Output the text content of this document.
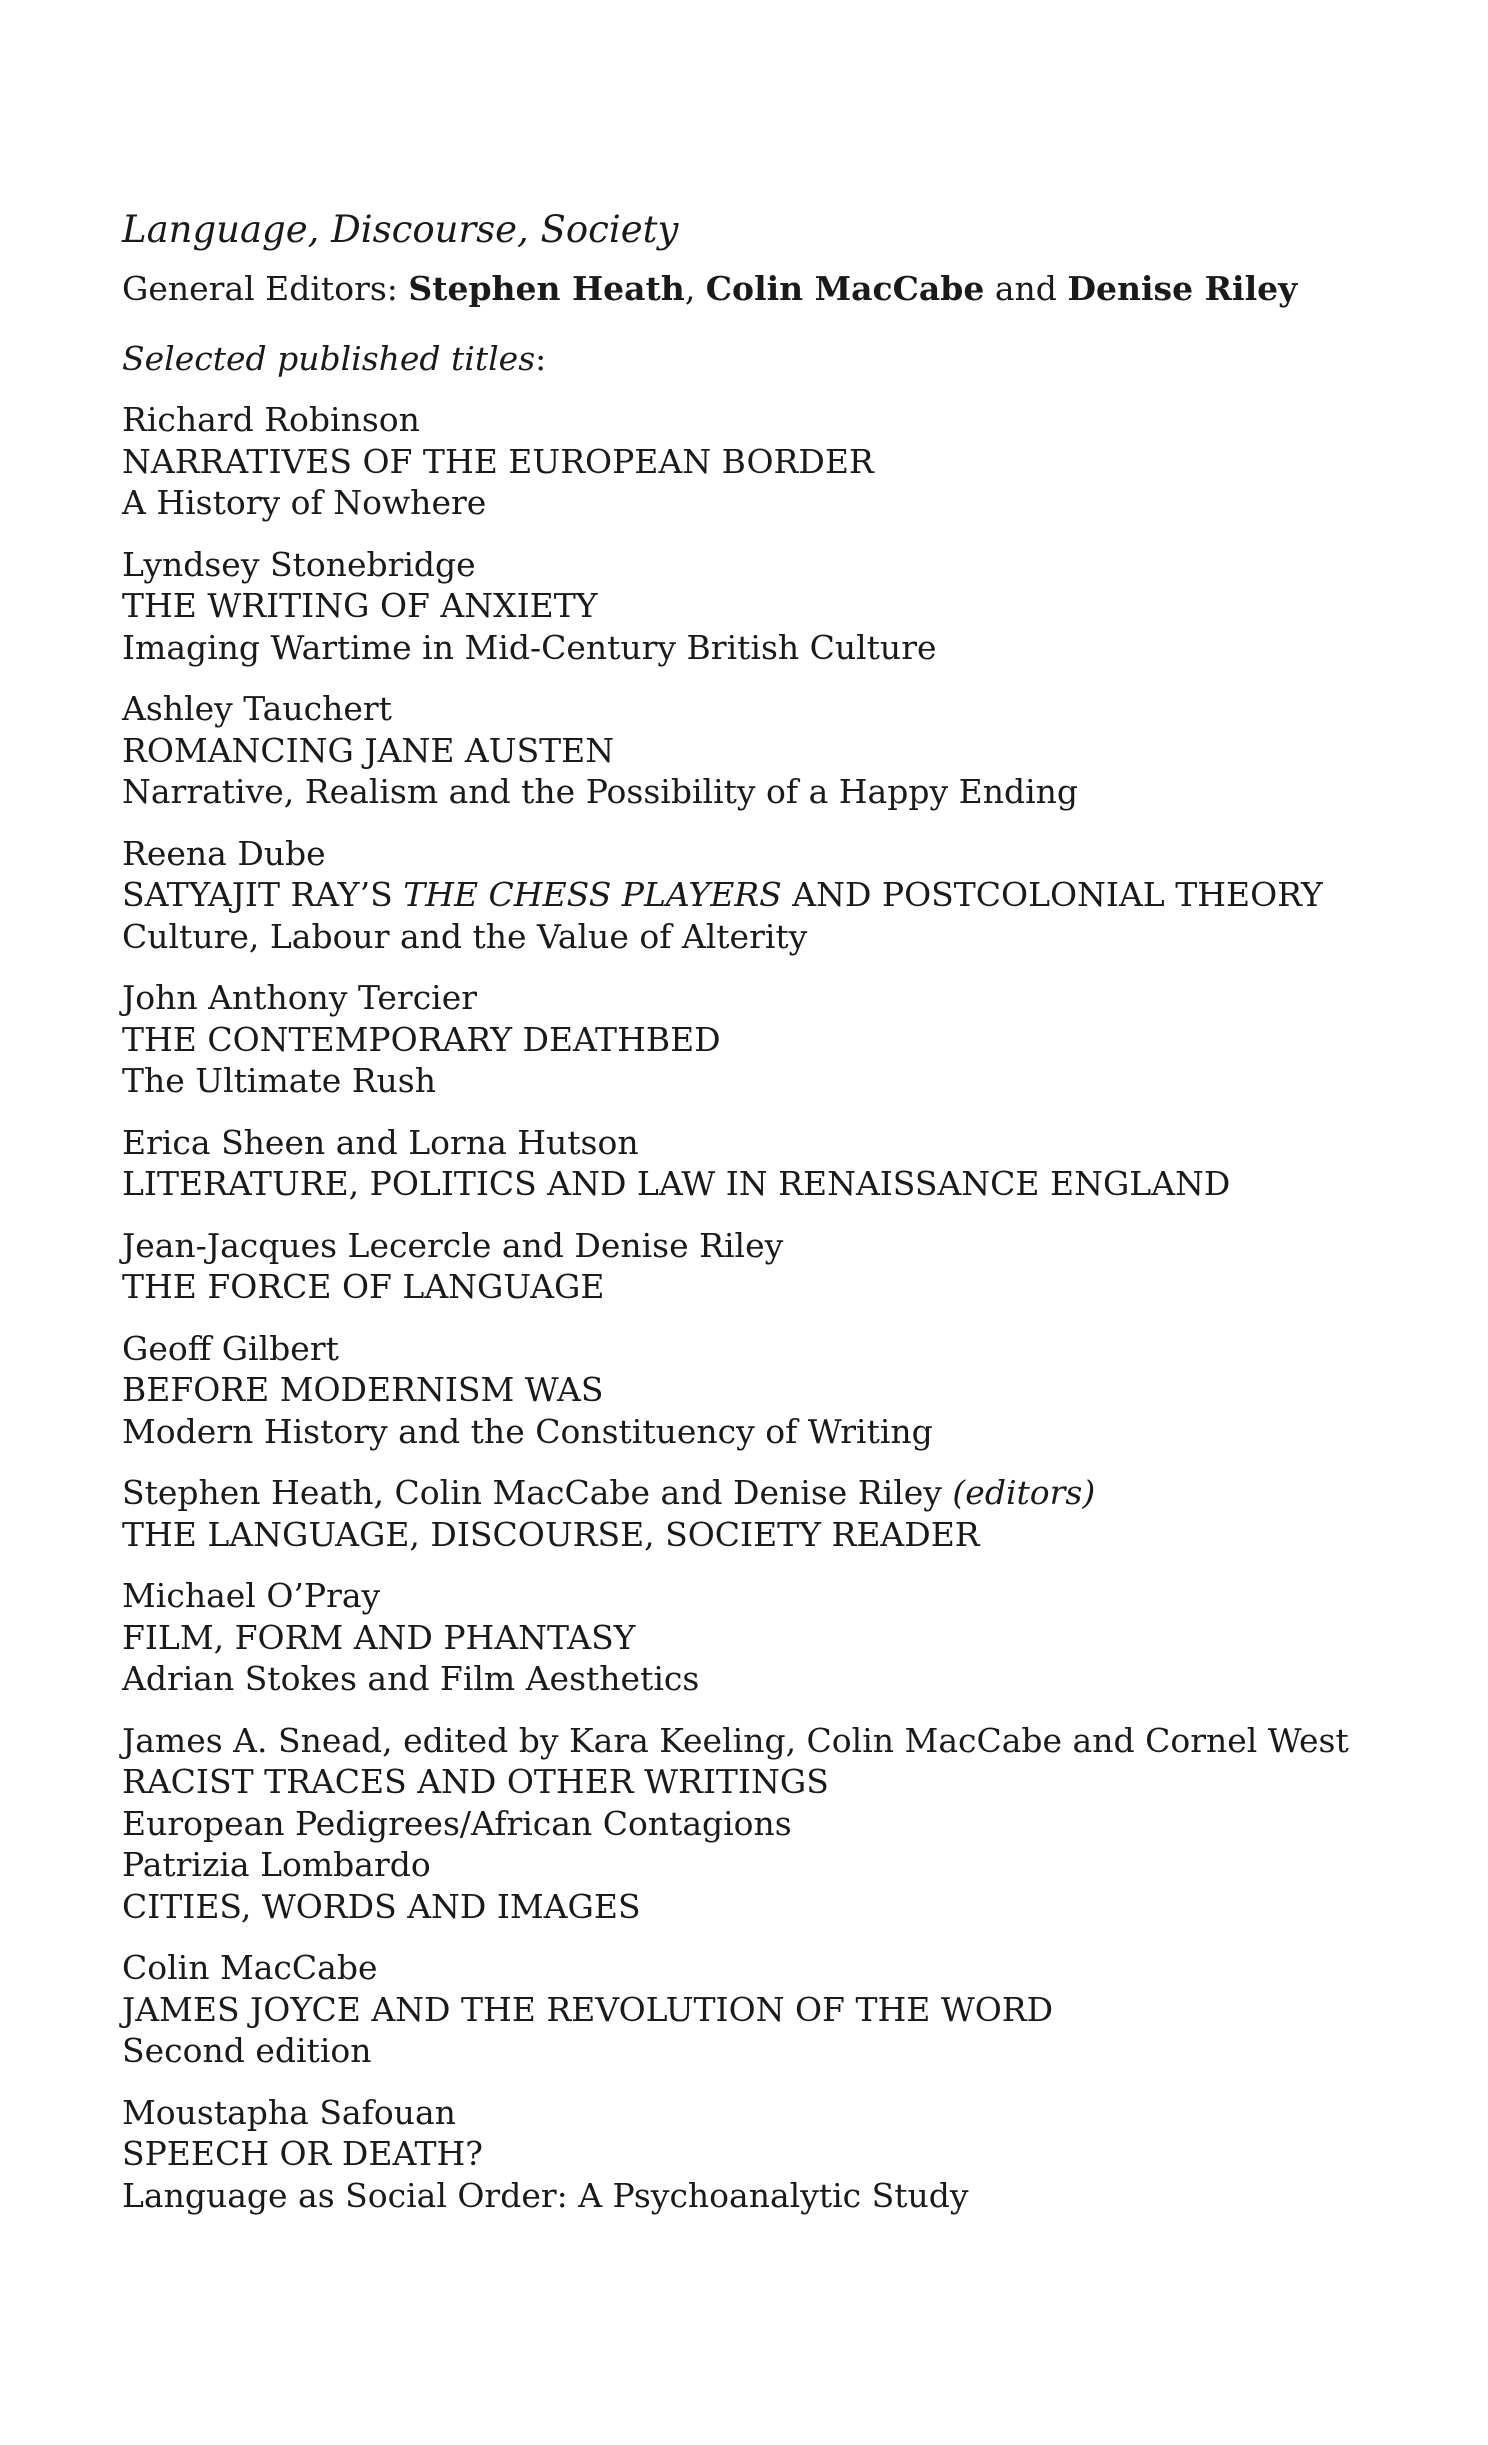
Language, Discourse, Society
General Editors: Stephen Heath, Colin MacCabe and Denise Riley
Selected published titles:
Richard Robinson
NARRATIVES OF THE EUROPEAN BORDER
A History of Nowhere
Lyndsey Stonebridge
THE WRITING OF ANXIETY
Imaging Wartime in Mid-Century British Culture
Ashley Tauchert
ROMANCING JANE AUSTEN
Narrative, Realism and the Possibility of a Happy Ending
Reena Dube
SATYAJIT RAY’S THE CHESS PLAYERS AND POSTCOLONIAL THEORY
Culture, Labour and the Value of Alterity
John Anthony Tercier
THE CONTEMPORARY DEATHBED
The Ultimate Rush
Erica Sheen and Lorna Hutson
LITERATURE, POLITICS AND LAW IN RENAISSANCE ENGLAND
Jean-Jacques Lecercle and Denise Riley
THE FORCE OF LANGUAGE
Geoff Gilbert
BEFORE MODERNISM WAS
Modern History and the Constituency of Writing
Stephen Heath, Colin MacCabe and Denise Riley (editors)
THE LANGUAGE, DISCOURSE, SOCIETY READER
Michael O’Pray
FILM, FORM AND PHANTASY
Adrian Stokes and Film Aesthetics
James A. Snead, edited by Kara Keeling, Colin MacCabe and Cornel West
RACIST TRACES AND OTHER WRITINGS
European Pedigrees/African Contagions
Patrizia Lombardo
CITIES, WORDS AND IMAGES
Colin MacCabe
JAMES JOYCE AND THE REVOLUTION OF THE WORD
Second edition
Moustapha Safouan
SPEECH OR DEATH?
Language as Social Order: A Psychoanalytic Study
